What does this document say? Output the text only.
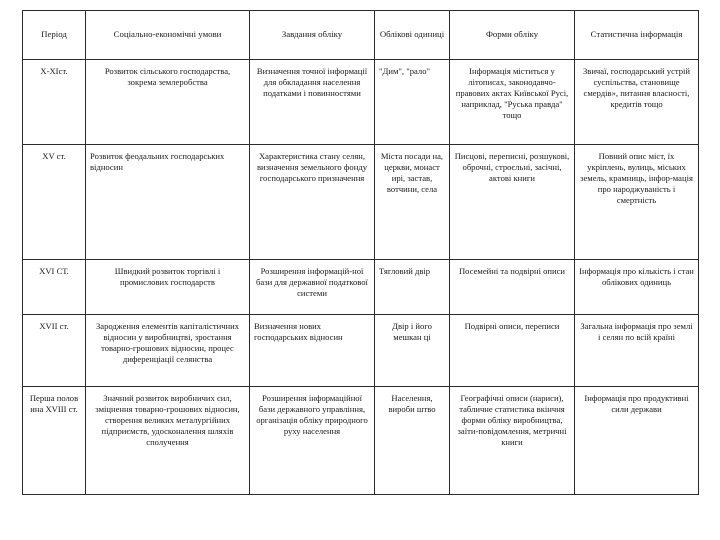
Період	Соціально-економічні умови	Завдання обліку	Облікові одиниці	Форми обліку	Статистична інформація
X-XIст.	Розвиток сільського господарства, зокрема землеробства	Визначення точної інформації для обкладання населення податками і повинностями	"Дим", "рало"	Інформація міститься у літописах, законодавчо-правових актах Київської Русі, наприклад, "Руська правда" тощо	Звичаї, господарський устрій суспільства, становище смердів», питання власності, кредитів тощо
XV ст.	Розвиток феодальних господарських відносин	Характеристика стану селян, визначення земельного фонду господарського призначення	Міста посади на, церкви, монаст ирі, застав, вотчини, села	Писцові, переписні, розшукові, оброчні, строєльні, засічні, актові книги	Повний опис міст, їх укріплень, вулиць, міських земель, крамниць, інфор-мація про народжуваність і смертність
XVI СТ.	Швидкий розвиток торгівлі і промислових господарств	Розширення інформацій-ної бази для державної податкової системи	Тягловий двір	Посемейні та подвірні описи	Інформація про кількість і стан облікових одиниць
XVII ст.	Зародження елементів капіталістичних відносин у виробництві, зростання товарно-грошових відносин, процес диференціації селянства	Визначення нових господарських відносин	Двір і його мешкан ці	Подвірні описи, переписи	Загальна інформація про землі і селян по всій країні
Перша полов ина XVIII ст.	Значний розвиток виробничих сил, зміцнення товарно-грошових відносин, створення великих металургійних підприємств, удосконалення шляхів сполучення	Розширення інформаційної бази державного управління, організація обліку природного руху населення	Населення, вироби штво	Географічні описи (нариси), табличне статистика вкінчня форми обліку виробництва, заїти-повідомлення, метричні книги	Інформація про продуктивні сили держави
